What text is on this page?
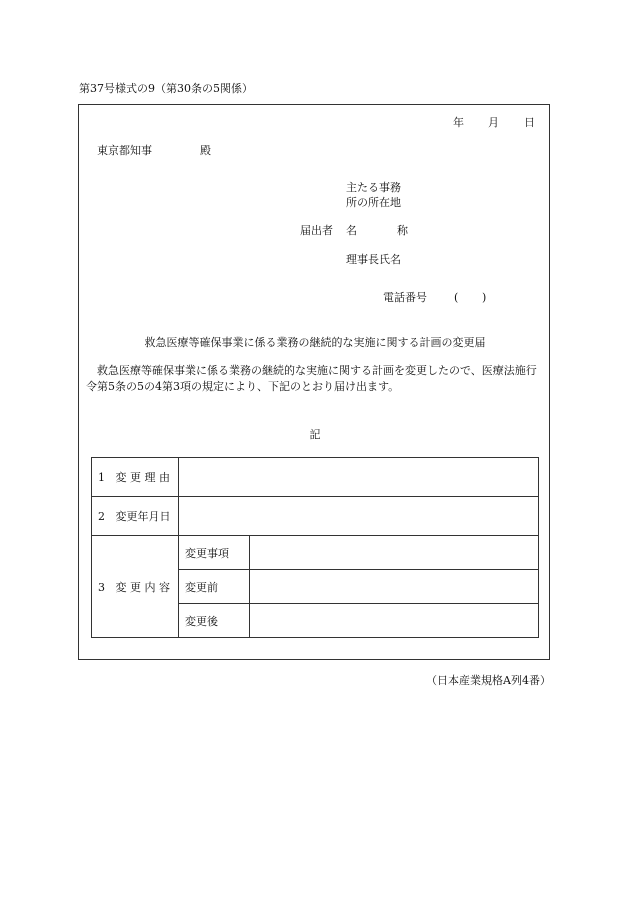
第37号様式の9（第30条の5関係）
年 月 日
東京都知事	殿
主たる事務
所の所在地
届出者 名	称
理事長氏名
電話番号 ( )
救急医療等確保事業に係る業務の継続的な実施に関する計画の変更届
救急医療等確保事業に係る業務の継続的な実施に関する計画を変更したので、医療法施行令第5条の5の4第3項の規定により、下記のとおり届け出ます。
記
1 変 更 理 由		
2 変更年月日		
3 変 更 内 容	変更事項	
	変更前	
	変更後	
（日本産業規格A列4番）
